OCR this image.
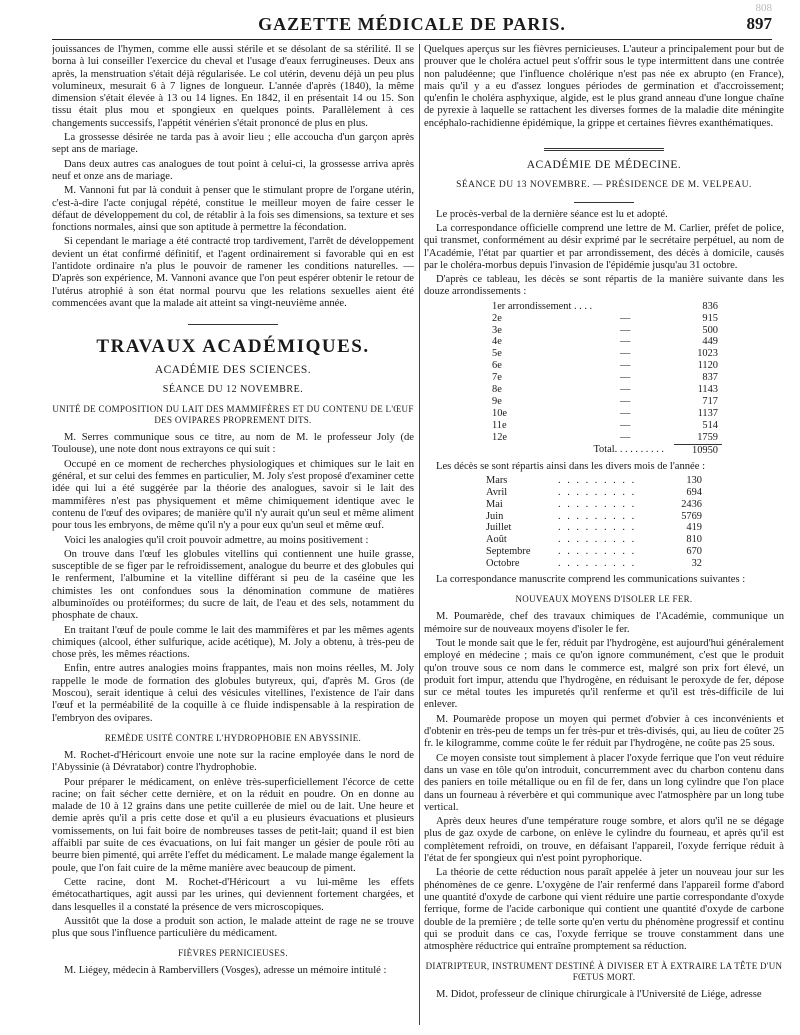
808
GAZETTE MÉDICALE DE PARIS.	897

jouissances de l'hymen, comme elle aussi stérile et se désolant de sa stérilité. Il se borna à lui conseiller l'exercice du cheval et l'usage d'eaux ferrugineuses. Deux ans après, la menstruation s'était déjà régularisée. Le col utérin, devenu déjà un peu plus volumineux, mesurait 6 à 7 lignes de longueur. L'année d'après (1840), la même dimension s'était élevée à 13 ou 14 lignes. En 1842, il en présentait 14 ou 15. Son tissu était plus mou et spongieux en quelques points. Parallèlement à ces changements successifs, l'appétit vénérien s'était prononcé de plus en plus.

La grossesse désirée ne tarda pas à avoir lieu ; elle accoucha d'un garçon après sept ans de mariage.

Dans deux autres cas analogues de tout point à celui-ci, la grossesse arriva après neuf et onze ans de mariage.

M. Vannoni fut par là conduit à penser que le stimulant propre de l'organe utérin, c'est-à-dire l'acte conjugal répété, constitue le meilleur moyen de faire cesser le défaut de développement du col, de rétablir à la fois ses dimensions, sa texture et ses fonctions normales, ainsi que son aptitude à permettre la fécondation.

Si cependant le mariage a été contracté trop tardivement, l'arrêt de développement devient un état confirmé définitif, et l'agent ordinairement si favorable qui en est l'antidote ordinaire n'a plus le pouvoir de ramener les conditions naturelles. — D'après son expérience, M. Vannoni avance que l'on peut espérer obtenir le retour de l'utérus atrophié à son état normal pourvu que les relations sexuelles aient été commencées avant que la malade ait atteint sa vingt-neuvième année.

TRAVAUX ACADÉMIQUES.
ACADÉMIE DES SCIENCES.
SÉANCE DU 12 NOVEMBRE.
UNITÉ DE COMPOSITION DU LAIT DES MAMMIFÈRES ET DU CONTENU DE L'ŒUF DES OVIPARES PROPREMENT DITS.

M. Serres communique sous ce titre, au nom de M. le professeur Joly (de Toulouse), une note dont nous extrayons ce qui suit :

Occupé en ce moment de recherches physiologiques et chimiques sur le lait en général, et sur celui des femmes en particulier, M. Joly s'est proposé d'examiner cette idée qui lui a été suggérée par la théorie des analogues, savoir si le lait des mammifères n'est pas physiquement et même chimiquement identique avec le contenu de l'œuf des ovipares; de manière qu'il n'y aurait qu'un seul et même aliment pour tous les embryons, de même qu'il n'y a pour eux qu'un seul et même œuf.

Voici les analogies qu'il croit pouvoir admettre, au moins positivement :

On trouve dans l'œuf les globules vitellins qui contiennent une huile grasse, susceptible de se figer par le refroidissement, analogue du beurre et des globules qui le renferment, l'albumine et la vitelline différant si peu de la caséine que les chimistes les ont confondues sous la dénomination commune de matières albuminoïdes ou protéiformes; du sucre de lait, de l'eau et des sels, notamment du phosphate de chaux.

En traitant l'œuf de poule comme le lait des mammifères et par les mêmes agents chimiques (alcool, éther sulfurique, acide acétique), M. Joly a obtenu, à très-peu de chose près, les mêmes réactions.

Enfin, entre autres analogies moins frappantes, mais non moins réelles, M. Joly rappelle le mode de formation des globules butyreux, qui, d'après M. Gros (de Moscou), serait identique à celui des vésicules vitellines, l'existence de l'air dans l'œuf et la perméabilité de la coquille à ce fluide indispensable à la respiration de l'embryon des ovipares.

REMÈDE USITÉ CONTRE L'HYDROPHOBIE EN ABYSSINIE.

M. Rochet-d'Héricourt envoie une note sur la racine employée dans le nord de l'Abyssinie (à Dévratabor) contre l'hydrophobie.

Pour préparer le médicament, on enlève très-superficiellement l'écorce de cette racine; on fait sécher cette dernière, et on la réduit en poudre. On en donne au malade de 10 à 12 grains dans une petite cuillerée de miel ou de lait. Une heure et demie après qu'il a pris cette dose et qu'il a eu plusieurs évacuations et plusieurs vomissements, on lui fait boire de nombreuses tasses de petit-lait; quand il est bien affaibli par suite de ces évacuations, on lui fait manger un gésier de poule rôti au beurre bien pimenté, qui arrête l'effet du médicament. Le malade mange également la poule, que l'on fait cuire de la même manière avec beaucoup de piment.

Cette racine, dont M. Rochet-d'Héricourt a vu lui-même les effets émétocathartiques, agit aussi par les urines, qui deviennent fortement chargées, et dans lesquelles il a constaté la présence de vers microscopiques.

Aussitôt que la dose a produit son action, le malade atteint de rage ne se trouve plus que sous l'influence particulière du médicament.

FIÈVRES PERNICIEUSES.

M. Liégey, médecin à Rambervillers (Vosges), adresse un mémoire intitulé :

Quelques aperçus sur les fièvres pernicieuses. L'auteur a principalement pour but de prouver que le choléra actuel peut s'offrir sous le type intermittent dans une contrée non paludéenne; que l'influence cholérique n'est pas née ex abrupto (en France), mais qu'il y a eu d'assez longues périodes de germination et d'accroissement; qu'enfin le choléra asphyxique, algide, est le plus grand anneau d'une longue chaîne de pyrexie à laquelle se rattachent les diverses formes de la maladie dite méningite encéphalo-rachidienne épidémique, la grippe et certaines fièvres exanthématiques.

ACADÉMIE DE MÉDECINE.
SÉANCE DU 13 NOVEMBRE. — PRÉSIDENCE DE M. VELPEAU.

Le procès-verbal de la dernière séance est lu et adopté.

La correspondance officielle comprend une lettre de M. Carlier, préfet de police, qui transmet, conformément au désir exprimé par le secrétaire perpétuel, au nom de l'Académie, l'état par quartier et par arrondissement, des décès à domicile, causés par le choléra-morbus depuis l'invasion de l'épidémie jusqu'au 31 octobre.

D'après ce tableau, les décès se sont répartis de la manière suivante dans les douze arrondissements :

1er arrondissement . . . .		836
2e	—	915
3e	—	500
4e	—	449
5e	—	1023
6e	—	1120
7e	—	837
8e	—	1143
9e	—	717
10e	—	1137
11e	—	514
12e	—	1759
Total. . . . . . . . . .		10950

Les décès se sont répartis ainsi dans les divers mois de l'année :

Mars	. . . . . . . . .	130
Avril	. . . . . . . . .	694
Mai	. . . . . . . . .	2436
Juin	. . . . . . . . .	5769
Juillet	. . . . . . . . .	419
Août	. . . . . . . . .	810
Septembre	. . . . . . . . .	670
Octobre	. . . . . . . . .	32

La correspondance manuscrite comprend les communications suivantes :

NOUVEAUX MOYENS D'ISOLER LE FER.

M. Poumarède, chef des travaux chimiques de l'Académie, communique un mémoire sur de nouveaux moyens d'isoler le fer.

Tout le monde sait que le fer, réduit par l'hydrogène, est aujourd'hui généralement employé en médecine ; mais ce qu'on ignore communément, c'est que le produit qu'on trouve sous ce nom dans le commerce est, malgré son prix fort élevé, un produit fort impur, attendu que l'hydrogène, en réduisant le peroxyde de fer, dépose sur ce métal toutes les impuretés qu'il renferme et qu'il est très-difficile de lui enlever.

M. Poumarède propose un moyen qui permet d'obvier à ces inconvénients et d'obtenir en très-peu de temps un fer très-pur et très-divisés, qui, au lieu de coûter 25 fr. le kilogramme, comme coûte le fer réduit par l'hydrogène, ne coûte pas 25 sous.

Ce moyen consiste tout simplement à placer l'oxyde ferrique que l'on veut réduire dans un vase en tôle qu'on introduit, concurremment avec du charbon contenu dans des paniers en toile métallique ou en fil de fer, dans un long cylindre que l'on place dans un fourneau à réverbère et qui communique avec l'atmosphère par un long tube vertical.

Après deux heures d'une température rouge sombre, et alors qu'il ne se dégage plus de gaz oxyde de carbone, on enlève le cylindre du fourneau, et après qu'il est complètement refroidi, on trouve, en défaisant l'appareil, l'oxyde ferrique réduit à l'état de fer spongieux qui n'est point pyrophorique.

La théorie de cette réduction nous paraît appelée à jeter un nouveau jour sur les phénomènes de ce genre. L'oxygène de l'air renfermé dans l'appareil forme d'abord une quantité d'oxyde de carbone qui vient réduire une partie correspondante d'oxyde ferrique, forme de l'acide carbonique qui contient une quantité d'oxyde de carbone double de la première ; de telle sorte qu'en vertu du phénomène progressif et continu qui se produit dans ce cas, l'oxyde ferrique se trouve constamment dans une atmosphère réductrice qui entraîne promptement sa réduction.

DIATRIPTEUR, INSTRUMENT DESTINÉ À DIVISER ET À EXTRAIRE LA TÊTE D'UN FŒTUS MORT.

M. Didot, professeur de clinique chirurgicale à l'Université de Liége, adresse
